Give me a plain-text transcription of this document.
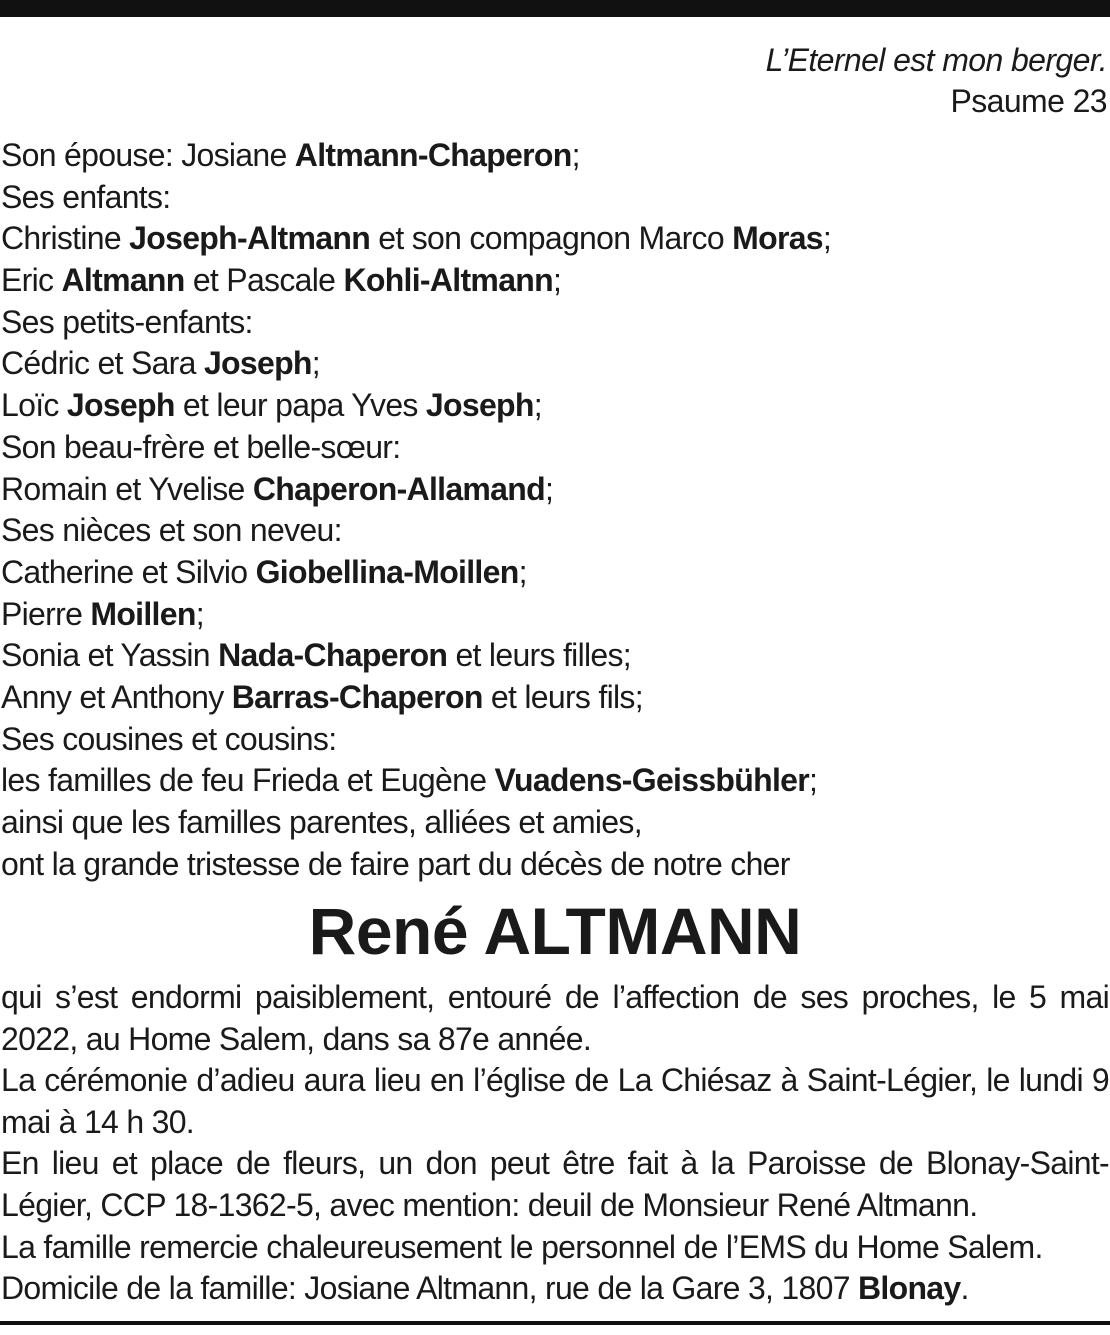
L’Eternel est mon berger.
Psaume 23
Son épouse: Josiane Altmann-Chaperon;
Ses enfants:
Christine Joseph-Altmann et son compagnon Marco Moras;
Eric Altmann et Pascale Kohli-Altmann;
Ses petits-enfants:
Cédric et Sara Joseph;
Loïc Joseph et leur papa Yves Joseph;
Son beau-frère et belle-sœur:
Romain et Yvelise Chaperon-Allamand;
Ses nièces et son neveu:
Catherine et Silvio Giobellina-Moillen;
Pierre Moillen;
Sonia et Yassin Nada-Chaperon et leurs filles;
Anny et Anthony Barras-Chaperon et leurs fils;
Ses cousines et cousins:
les familles de feu Frieda et Eugène Vuadens-Geissbühler;
ainsi que les familles parentes, alliées et amies,
ont la grande tristesse de faire part du décès de notre cher
René ALTMANN

qui s’est endormi paisiblement, entouré de l’affection de ses proches, le 5 mai 2022, au Home Salem, dans sa 87e année.

La cérémonie d’adieu aura lieu en l’église de La Chiésaz à Saint-Légier, le lundi 9 mai à 14 h 30.

En lieu et place de fleurs, un don peut être fait à la Paroisse de Blonay-Saint-Légier, CCP 18-1362-5, avec mention: deuil de Monsieur René Altmann.

La famille remercie chaleureusement le personnel de l’EMS du Home Salem.

Domicile de la famille: Josiane Altmann, rue de la Gare 3, 1807 Blonay.
